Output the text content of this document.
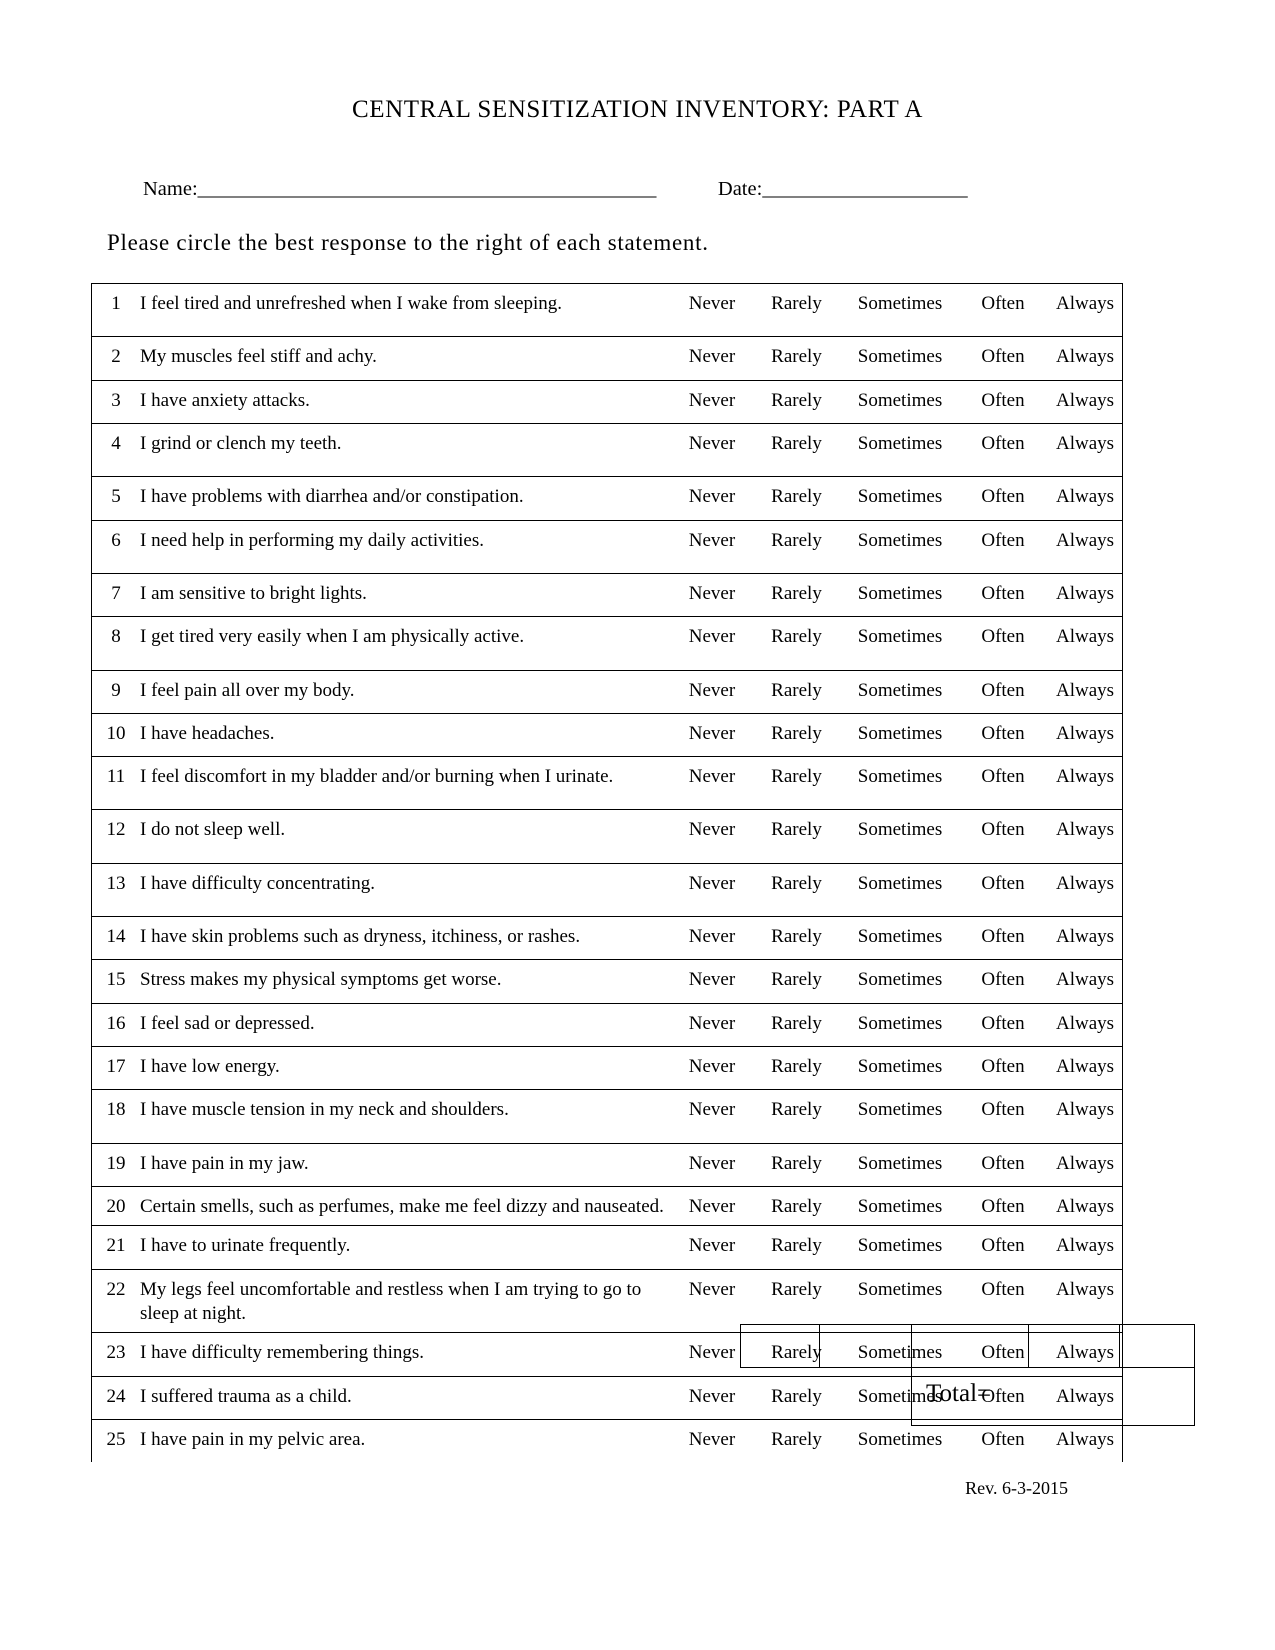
CENTRAL SENSITIZATION INVENTORY: PART A
Name:_______________________________________________	Date:_____________________
Please circle the best response to the right of each statement.
1	I feel tired and unrefreshed when I wake from sleeping.	Never	Rarely	Sometimes	Often	Always
2	My muscles feel stiff and achy.	Never	Rarely	Sometimes	Often	Always
3	I have anxiety attacks.	Never	Rarely	Sometimes	Often	Always
4	I grind or clench my teeth.	Never	Rarely	Sometimes	Often	Always
5	I have problems with diarrhea and/or constipation.	Never	Rarely	Sometimes	Often	Always
6	I need help in performing my daily activities.	Never	Rarely	Sometimes	Often	Always
7	I am sensitive to bright lights.	Never	Rarely	Sometimes	Often	Always
8	I get tired very easily when I am physically active.	Never	Rarely	Sometimes	Often	Always
9	I feel pain all over my body.	Never	Rarely	Sometimes	Often	Always
10	I have headaches.	Never	Rarely	Sometimes	Often	Always
11	I feel discomfort in my bladder and/or burning when I urinate.	Never	Rarely	Sometimes	Often	Always
12	I do not sleep well.	Never	Rarely	Sometimes	Often	Always
13	I have difficulty concentrating.	Never	Rarely	Sometimes	Often	Always
14	I have skin problems such as dryness, itchiness, or rashes.	Never	Rarely	Sometimes	Often	Always
15	Stress makes my physical symptoms get worse.	Never	Rarely	Sometimes	Often	Always
16	I feel sad or depressed.	Never	Rarely	Sometimes	Often	Always
17	I have low energy.	Never	Rarely	Sometimes	Often	Always
18	I have muscle tension in my neck and shoulders.	Never	Rarely	Sometimes	Often	Always
19	I have pain in my jaw.	Never	Rarely	Sometimes	Often	Always
20	Certain smells, such as perfumes, make me feel dizzy and nauseated.	Never	Rarely	Sometimes	Often	Always
21	I have to urinate frequently.	Never	Rarely	Sometimes	Often	Always
22	My legs feel uncomfortable and restless when I am trying to go to sleep at night.	Never	Rarely	Sometimes	Often	Always
23	I have difficulty remembering things.	Never	Rarely	Sometimes	Often	Always
24	I suffered trauma as a child.	Never	Rarely	Sometimes	Often	Always
25	I have pain in my pelvic area.	Never	Rarely	Sometimes	Often	Always

		Total=		
Rev. 6-3-2015
